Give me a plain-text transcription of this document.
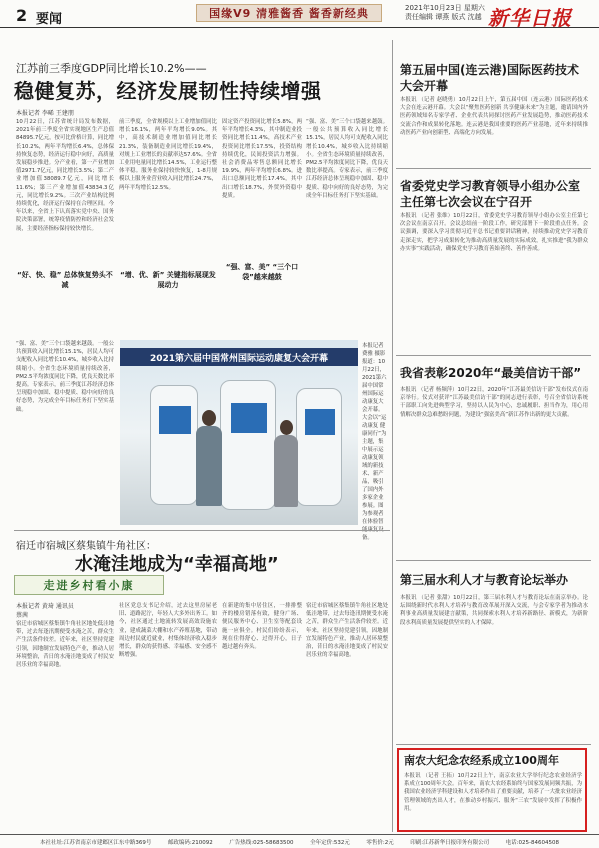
2 要闻	国缘V9 清雅酱香 酱香新经典	2021年10月23日 星期六
责任编辑 谭燕 版式 沈越 新华日报
江苏前三季度GDP同比增长10.2%——
稳健复苏，经济发展韧性持续增强
本报记者 李晞 王建朋
10月22日，江苏省统计局发布数据，2021年前三季度全省实现地区生产总值84895.7亿元，按可比价格计算，同比增长10.2%，两年平均增长6.4%，总体保持恢复态势，经济运行稳中向好，高质量发展稳步推进。分产业看，第一产业增加值2971.7亿元，同比增长3.5%；第二产业增加值38089.7亿元，同比增长11.6%；第三产业增加值43834.3亿元，同比增长9.2%。三次产业结构比例持续优化，经济运行保持在合理区间。今年以来，全省上下认真落实党中央、国务院决策部署，统筹疫情防控和经济社会发展，主要经济指标保持较快增长。
“好、快、稳” 总体恢复势头不减
前三季度，全省规模以上工业增加值同比增长16.1%，两年平均增长9.0%。其中，高技术制造业增加值同比增长21.3%，装备制造业同比增长19.4%，对规上工业增长的贡献率达57.6%。全省工业用电量同比增长14.5%，工业运行整体平稳。服务业保持较快恢复，1-8月规模以上服务业营业收入同比增长24.7%，两年平均增长12.5%。
“增、优、新” 关键指标展现发展动力
固定资产投资同比增长5.8%，两年平均增长4.3%，其中制造业投资同比增长11.4%，高技术产业投资同比增长17.5%，投资结构持续优化，民间投资活力增强。社会消费品零售总额同比增长19.9%，两年平均增长6.8%。进出口总额同比增长17.4%，其中出口增长18.7%，外贸外资稳中提质。
“强、富、美” “三个口袋”越来越鼓
“强、富、美”三个口袋越来越鼓。一般公共预算收入同比增长15.1%，居民人均可支配收入同比增长10.4%，城乡收入比持续缩小。全省生态环境质量持续改善，PM2.5平均浓度同比下降，优良天数比率提高。专家表示，前三季度江苏经济总体呈现稳中加固、稳中提质、稳中向好的良好态势，为完成全年目标任务打下坚实基础。
“强、富、美”三个口袋越来越鼓。一般公共预算收入同比增长15.1%，居民人均可支配收入同比增长10.4%，城乡收入比持续缩小。全省生态环境质量持续改善，PM2.5平均浓度同比下降，优良天数比率提高。专家表示，前三季度江苏经济总体呈现稳中加固、稳中提质、稳中向好的良好态势，为完成全年目标任务打下坚实基础。
2021第六届中国常州国际运动康复大会开幕
本报记者 费雅 摄影报道：10月22日，2021第六届中国常州国际运动康复大会开幕。大会以“运动康复 健康同行”为主题，集中展示运动康复领域的新技术、新产品，吸引了国内外多家企业参展。图为参观者在体验智 备。
宿迁市宿城区蔡集镇牛角社区：
水淹洼地成为“幸福高地”
走进乡村看小康
本报记者 黄琦 通讯员 蔡茜
宿迁市宿城区蔡集镇牛角社区地处低洼地带，过去每逢汛期便受水淹之苦，群众生产生活条件较差。近年来，社区坚持党建引领，因地制宜发展特色产业，推动人居环境整治，昔日的水淹洼地变成了村民安居乐业的幸福高地。
社区党总支书记介绍，过去这里房屋老旧、道路泥泞，年轻人大多外出务工。如今，社区通过土地流转发展高效设施农业，建成蔬菜大棚和水产养殖基地，带动周边村民就近就业，村集体经济收入稳步增长，群众的获得感、幸福感、安全感不断增强。
在新建的集中居住区，一排排整齐的楼房错落有致，健身广场、便民服务中心、卫生室等配套设施一应俱全。村民们纷纷表示，现在住得舒心、过得开心，日子越过越有奔头。
宿迁市宿城区蔡集镇牛角社区地处低洼地带，过去每逢汛期便受水淹之苦，群众生产生活条件较差。近年来，社区坚持党建引领，因地制宜发展特色产业，推动人居环境整治，昔日的水淹洼地变成了村民安居乐业的幸福高地。
第五届中国(连云港)国际医药技术大会开幕
本报讯 （记者 赵晓勇）10月22日上午，第五届中国（连云港）国际医药技术大会在连云港开幕。大会以“聚焦医药创新 共享健康未来”为主题，邀请国内外医药领域知名专家学者、企业代表共同探讨医药产业发展趋势，推动医药技术交流合作和成果转化落地。连云港是我国重要的医药产业基地，近年来持续推动医药产业向创新型、高端化方向发展。
省委党史学习教育领导小组办公室主任第七次会议在宁召开
本报讯 （记者 张维）10月22日，省委党史学习教育领导小组办公室主任第七次会议在南京召开。会议总结前一阶段工作，研究部署下一阶段重点任务。会议强调，要深入学习贯彻习近平总书记重要讲话精神，持续推动党史学习教育走深走实，把学习成果转化为推动高质量发展的实际成效，扎实推进“我为群众办实事”实践活动，确保党史学习教育善始善终、善作善成。
我省表彰2020年“最美信访干部”
本报讯 （记者 杨频萍）10月22日，2020年“江苏最美信访干部”发布仪式在南京举行。仪式对获评“江苏最美信访干部”的同志进行表彰，号召全省信访系统干部职工向先进典型学习，坚持以人民为中心，忠诚履职、担当作为，用心用情解决群众急难愁盼问题，为建设“强富美高”新江苏作出新的更大贡献。
第三届水利人才与教育论坛举办
本报讯 （记者 张甜）10月22日，第三届水利人才与教育论坛在南京举办。论坛围绕新时代水利人才培养与教育改革展开深入交流，与会专家学者为推动水利事业高质量发展建言献策，共同探索水利人才培养新路径、新模式，为新阶段水利高质量发展提供坚实的人才保障。
南农大纪念农经系成立100周年
本报讯 （记者 王拓）10月22日上午，南京农业大学举行纪念农业经济学系成立100周年大会。百年来，南农大农经系始终与国家发展同频共振，为我国农业经济学科建设和人才培养作出了重要贡献，培养了一大批农业经济管理领域的杰出人才，在推动乡村振兴、服务“三农”发展中发挥了积极作用。
本社社址:江苏省南京市建邺区江东中路369号	邮政编码:210092	广告热线:025-58683500	全年定价:532元	零售价:2元	印刷:江苏新华日报印务有限公司	电话:025-84604508
